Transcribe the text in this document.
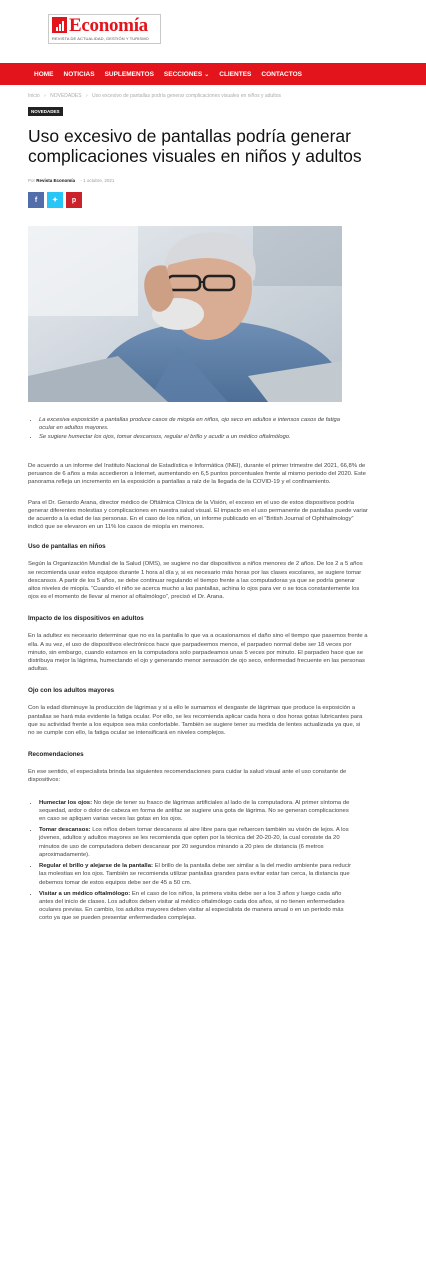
Economía
REVISTA DE ACTUALIDAD, GESTIÓN Y TURISMO
HOME NOTICIAS SUPLEMENTOS SECCIONES ⌄ CLIENTES CONTACTOS
Inicio › NOVEDADES › Uso excesivo de pantallas podría generar complicaciones visuales en niños y adultos
NOVEDADES
Uso excesivo de pantallas podría generar complicaciones visuales en niños y adultos
Por Revista Economía - 1 octubre, 2021
f ✦ p
• La excesiva exposición a pantallas produce casos de miopía en niños, ojo seco en adultos e intensos casos de fatiga ocular en adultos mayores.
• Se sugiere humectar los ojos, tomar descansos, regular el brillo y acudir a un médico oftalmólogo.

De acuerdo a un informe del Instituto Nacional de Estadística e Informática (INEI), durante el primer trimestre del 2021, 66,8% de peruanos de 6 años a más accedieron a Internet, aumentando en 6,5 puntos porcentuales frente al mismo periodo del 2020. Este panorama refleja un incremento en la exposición a pantallas a raíz de la llegada de la COVID-19 y el confinamiento.

Para el Dr. Gerardo Arana, director médico de Oftálmica Clínica de la Visión, el exceso en el uso de estos dispositivos podría generar diferentes molestias y complicaciones en nuestra salud visual. El impacto en el uso permanente de pantallas puede variar de acuerdo a la edad de las personas. En el caso de los niños, un informe publicado en el “British Journal of Ophthalmology” indicó que se elevaron en un 11% los casos de miopía en menores.

Uso de pantallas en niños

Según la Organización Mundial de la Salud (OMS), se sugiere no dar dispositivos a niños menores de 2 años. De los 2 a 5 años se recomienda usar estos equipos durante 1 hora al día y, si es necesario más horas por las clases escolares, se sugiere tomar descansos. A partir de los 5 años, se debe continuar regulando el tiempo frente a las computadoras ya que se podría generar altos niveles de miopía. “Cuando el niño se acerca mucho a las pantallas, achina lo ojos para ver o se toca constantemente los ojos es el momento de llevar al menor al oftalmólogo”, precisó el Dr. Arana.

Impacto de los dispositivos en adultos

En la adultez es necesario determinar que no es la pantalla lo que va a ocasionarnos el daño sino el tiempo que pasemos frente a ella. A su vez, el uso de dispositivos electrónicos hace que parpadeemos menos, el parpadeo normal debe ser 18 veces por minuto, sin embargo, cuando estamos en la computadora solo parpadeamos unas 5 veces por minuto. El parpadeo hace que se distribuya mejor la lágrima, humectando el ojo y generando menor sensación de ojo seco, enfermedad frecuente en las personas adultas.

Ojo con los adultos mayores

Con la edad disminuye la producción de lágrimas y si a ello le sumamos el desgaste de lágrimas que produce la exposición a pantallas se hará más evidente la fatiga ocular. Por ello, se les recomienda aplicar cada hora o dos horas gotas lubricantes para que su actividad frente a los equipos sea más confortable. También se sugiere tener su medida de lentes actualizada ya que, si no se cumple con ello, la fatiga ocular se intensificará en niveles complejos.

Recomendaciones

En ese sentido, el especialista brinda las siguientes recomendaciones para cuidar la salud visual ante el uso constante de dispositivos:

• Humectar los ojos: No deje de tener su frasco de lágrimas artificiales al lado de la computadora. Al primer síntoma de sequedad, ardor o dolor de cabeza en forma de antifaz se sugiere una gota de lágrima. No se generan complicaciones en caso se apliquen varias veces las gotas en los ojos.
• Tomar descansos: Los niños deben tomar descansos al aire libre para que refuercen también su visión de lejos. A los jóvenes, adultos y adultos mayores se les recomienda que opten por la técnica del 20-20-20, la cual consiste da 20 minutos de uso de computadora deben descansar por 20 segundos mirando a 20 pies de distancia (6 metros aproximadamente).
• Regular el brillo y alejarse de la pantalla: El brillo de la pantalla debe ser similar a la del medio ambiente para reducir las molestias en los ojos. También se recomienda utilizar pantallas grandes para evitar estar tan cerca, la distancia que debemos tomar de estos equipos debe ser de 45 a 50 cm.
• Visitar a un médico oftalmólogo: En el caso de los niños, la primera visita debe ser a los 3 años y luego cada año antes del inicio de clases. Los adultos deben visitar al médico oftalmólogo cada dos años, si no tienen enfermedades oculares previas. En cambio, los adultos mayores deben visitar al especialista de manera anual o en un periodo más corto ya que se pueden presentar enfermedades complejas.
